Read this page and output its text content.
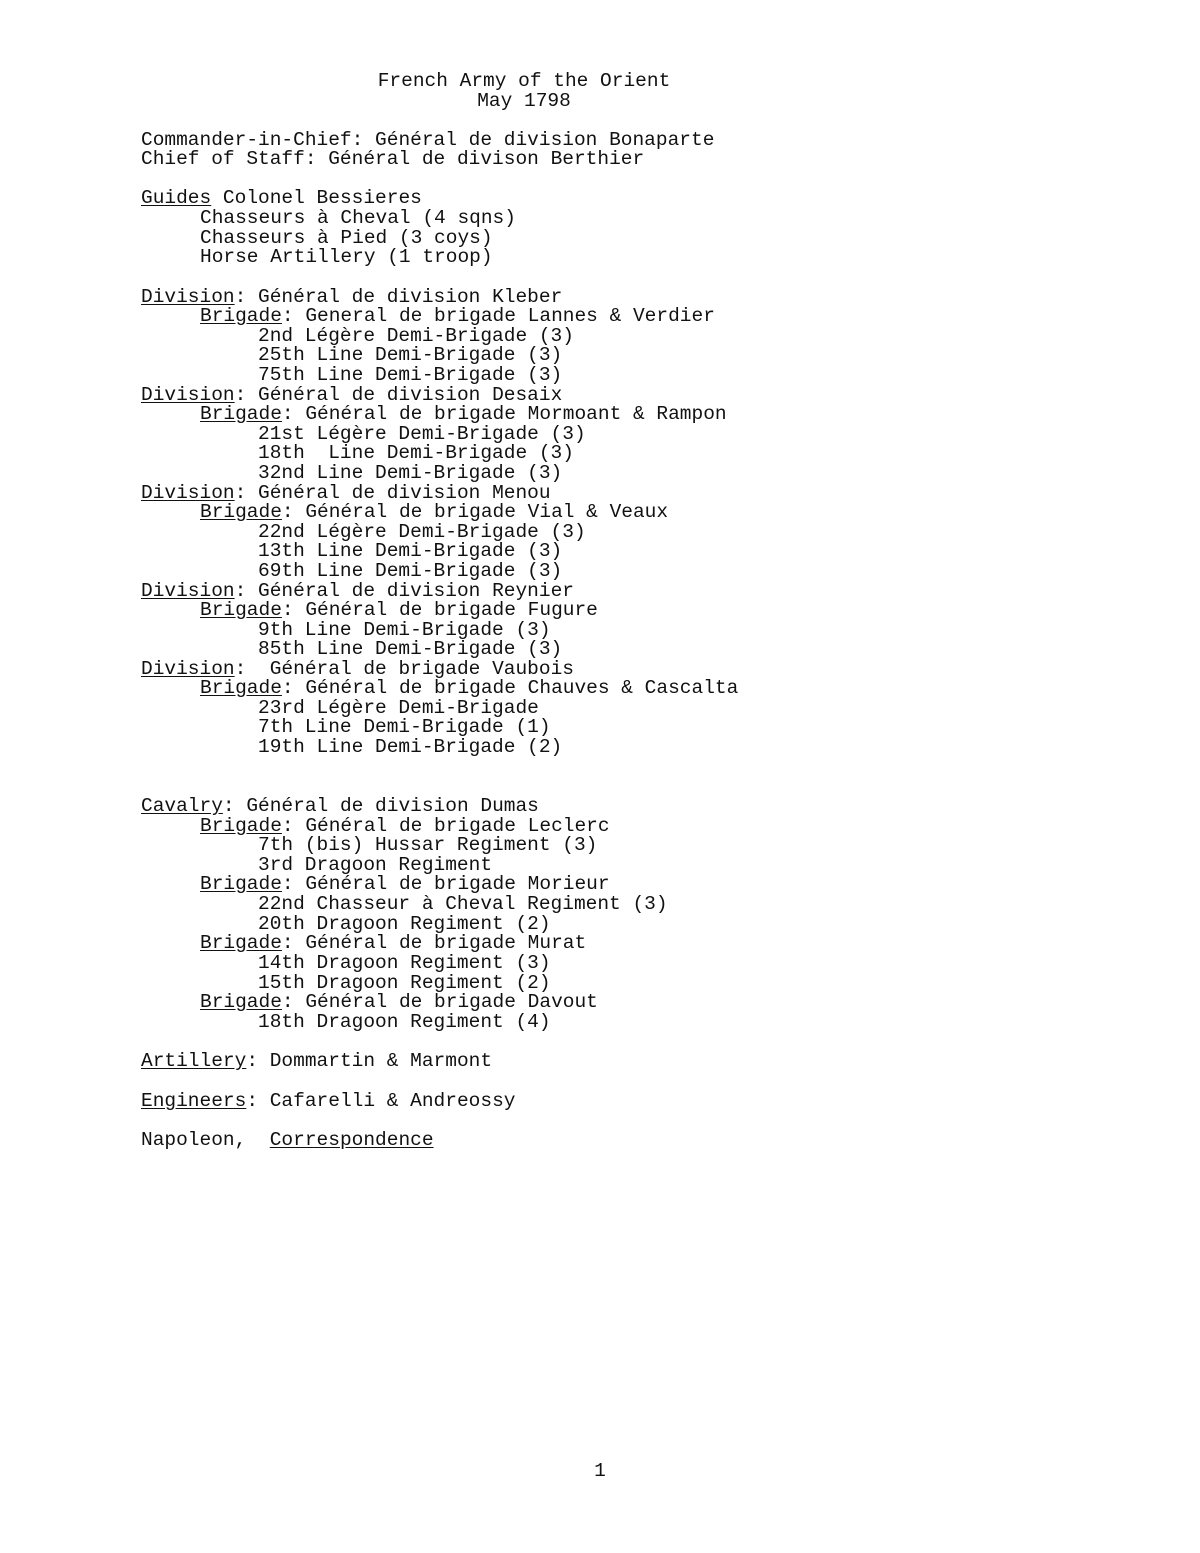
French Army of the Orient
May 1798
Commander-in-Chief: Général de division Bonaparte
Chief of Staff: Général de divison Berthier
Guides Colonel Bessieres
Chasseurs à Cheval (4 sqns)
Chasseurs à Pied (3 coys)
Horse Artillery (1 troop)
Division: Général de division Kleber
Brigade: General de brigade Lannes & Verdier
2nd Légère Demi-Brigade (3)
25th Line Demi-Brigade (3)
75th Line Demi-Brigade (3)
Division: Général de division Desaix
Brigade: Général de brigade Mormoant & Rampon
21st Légère Demi-Brigade (3)
18th  Line Demi-Brigade (3)
32nd Line Demi-Brigade (3)
Division: Général de division Menou
Brigade: Général de brigade Vial & Veaux
22nd Légère Demi-Brigade (3)
13th Line Demi-Brigade (3)
69th Line Demi-Brigade (3)
Division: Général de division Reynier
Brigade: Général de brigade Fugure
9th Line Demi-Brigade (3)
85th Line Demi-Brigade (3)
Division:  Général de brigade Vaubois
Brigade: Général de brigade Chauves & Cascalta
23rd Légère Demi-Brigade
7th Line Demi-Brigade (1)
19th Line Demi-Brigade (2)
Cavalry: Général de division Dumas
Brigade: Général de brigade Leclerc
7th (bis) Hussar Regiment (3)
3rd Dragoon Regiment
Brigade: Général de brigade Morieur
22nd Chasseur à Cheval Regiment (3)
20th Dragoon Regiment (2)
Brigade: Général de brigade Murat
14th Dragoon Regiment (3)
15th Dragoon Regiment (2)
Brigade: Général de brigade Davout
18th Dragoon Regiment (4)
Artillery: Dommartin & Marmont
Engineers: Cafarelli & Andreossy
Napoleon,  Correspondence
1
